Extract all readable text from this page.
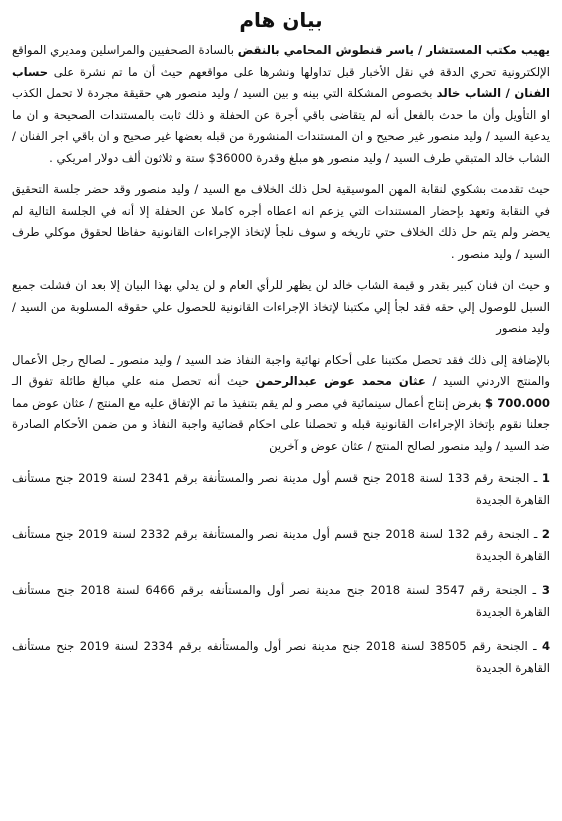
بيان هام

يهيب مكتب المستشار / ياسر قنطوش المحامي بالنقض بالسادة الصحفيين والمراسلين ومديري المواقع الإلكترونية تحري الدقة في نقل الأخبار قبل تداولها ونشرها على مواقعهم حيث أن ما تم نشرة على حساب الفنان / الشاب خالد بخصوص المشكلة التي بينه و بين السيد / وليد منصور هي حقيقة مجردة لا تحمل الكذب او التأويل وأن ما حدث بالفعل أنه لم يتقاضى باقي أجرة عن الحفلة و ذلك ثابت بالمستندات الصحيحة و ان ما يدعية السيد / وليد منصور غير صحيح و ان المستندات المنشورة من قبله بعضها غير صحيح و ان باقي اجر الفنان / الشاب خالد المتبقي طرف السيد / وليد منصور هو مبلغ وقدرة 36000$ ستة و ثلاثون ألف دولار امريكي .

حيث تقدمت بشكوي لنقابة المهن الموسيقية لحل ذلك الخلاف مع السيد / وليد منصور وقد حضر جلسة التحقيق في النقابة وتعهد بإحضار المستندات التي يزعم انه اعطاه أجره كاملا عن الحفلة إلا أنه في الجلسة التالية لم يحضر ولم يتم حل ذلك الخلاف حتي تاريخه و سوف نلجأ لإتخاذ الإجراءات القانونية حفاظا لحقوق موكلي طرف السيد / وليد منصور .

و حيث ان فنان كبير بقدر و قيمة الشاب خالد لن يظهر للرأي العام و لن يدلي بهذا البيان إلا بعد ان فشلت جميع السبل للوصول إلي حقه فقد لجأ إلي مكتبنا لإتخاذ الإجراءات القانونية للحصول علي حقوقه المسلوبة من السيد / وليد منصور

بالإضافة إلى ذلك فقد تحصل مكتبنا على أحكام نهائية واجبة النفاذ ضد السيد / وليد منصور ـ لصالح رجل الأعمال والمنتج الاردني السيد / عثان محمد عوض عبدالرحمن حيث أنه تحصل منه علي مبالغ طائلة تفوق الـ 700.000 $ بغرض إنتاج أعمال سينمائية في مصر و لم يقم بتنفيذ ما تم الإتفاق عليه مع المنتج / عثان عوض مما جعلنا نقوم بإتخاذ الإجراءات القانونية قبله و تحصلنا على احكام قضائية واجبة النفاذ و من ضمن الأحكام الصادرة ضد السيد / وليد منصور لصالح المنتج / عثان عوض و آخرين

1 ـ الجنحة رقم 133 لسنة 2018 جنح قسم أول مدينة نصر والمستأنفة برقم 2341 لسنة 2019 جنح مستأنف القاهرة الجديدة
2 ـ الجنحة رقم 132 لسنة 2018 جنح قسم أول مدينة نصر والمستأنفة برقم 2332 لسنة 2019 جنح مستأنف القاهرة الجديدة
3 ـ الجنحة رقم 3547 لسنة 2018 جنح مدينة نصر أول والمستأنفه برقم 6466 لسنة 2018 جنح مستأنف القاهرة الجديدة
4 ـ الجنحة رقم 38505 لسنة 2018 جنح مدينة نصر أول والمستأنفه برقم 2334 لسنة 2019 جنح مستأنف القاهرة الجديدة
